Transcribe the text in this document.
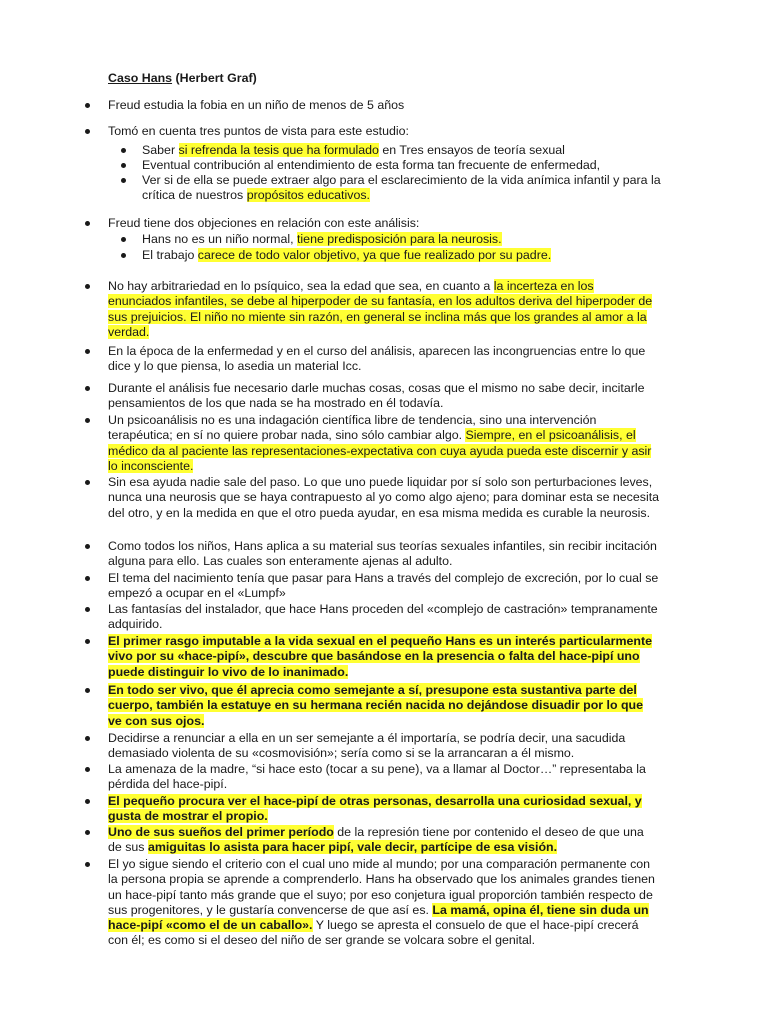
Caso Hans (Herbert Graf)
Freud estudia la fobia en un niño de menos de 5 años
Tomó en cuenta tres puntos de vista para este estudio:
Saber si refrenda la tesis que ha formulado en Tres ensayos de teoría sexual
Eventual contribución al entendimiento de esta forma tan frecuente de enfermedad,
Ver si de ella se puede extraer algo para el esclarecimiento de la vida anímica infantil y para la crítica de nuestros propósitos educativos.
Freud tiene dos objeciones en relación con este análisis:
Hans no es un niño normal, tiene predisposición para la neurosis.
El trabajo carece de todo valor objetivo, ya que fue realizado por su padre.
No hay arbitrariedad en lo psíquico, sea la edad que sea, en cuanto a la incerteza en los enunciados infantiles, se debe al hiperpoder de su fantasía, en los adultos deriva del hiperpoder de sus prejuicios. El niño no miente sin razón, en general se inclina más que los grandes al amor a la verdad.
En la época de la enfermedad y en el curso del análisis, aparecen las incongruencias entre lo que dice y lo que piensa, lo asedia un material Icc.
Durante el análisis fue necesario darle muchas cosas, cosas que el mismo no sabe decir, incitarle pensamientos de los que nada se ha mostrado en él todavía.
Un psicoanálisis no es una indagación científica libre de tendencia, sino una intervención terapéutica; en sí no quiere probar nada, sino sólo cambiar algo. Siempre, en el psicoanálisis, el médico da al paciente las representaciones-expectativa con cuya ayuda pueda este discernir y asir lo inconsciente.
Sin esa ayuda nadie sale del paso. Lo que uno puede liquidar por sí solo son perturbaciones leves, nunca una neurosis que se haya contrapuesto al yo como algo ajeno; para dominar esta se necesita del otro, y en la medida en que el otro pueda ayudar, en esa misma medida es curable la neurosis.
Como todos los niños, Hans aplica a su material sus teorías sexuales infantiles, sin recibir incitación alguna para ello. Las cuales son enteramente ajenas al adulto.
El tema del nacimiento tenía que pasar para Hans a través del complejo de excreción, por lo cual se empezó a ocupar en el «Lumpf»
Las fantasías del instalador, que hace Hans proceden del «complejo de castración» tempranamente adquirido.
El primer rasgo imputable a la vida sexual en el pequeño Hans es un interés particularmente vivo por su «hace-pipí», descubre que basándose en la presencia o falta del hace-pipí uno puede distinguir lo vivo de lo inanimado.
En todo ser vivo, que él aprecia como semejante a sí, presupone esta sustantiva parte del cuerpo, también la estatuye en su hermana recién nacida no dejándose disuadir por lo que ve con sus ojos.
Decidirse a renunciar a ella en un ser semejante a él importaría, se podría decir, una sacudida demasiado violenta de su «cosmovisión»; sería como si se la arrancaran a él mismo.
La amenaza de la madre, “si hace esto (tocar a su pene), va a llamar al Doctor…” representaba la pérdida del hace-pipí.
El pequeño procura ver el hace-pipí de otras personas, desarrolla una curiosidad sexual, y gusta de mostrar el propio.
Uno de sus sueños del primer período de la represión tiene por contenido el deseo de que una de sus amiguitas lo asista para hacer pipí, vale decir, partícipe de esa visión.
El yo sigue siendo el criterio con el cual uno mide al mundo; por una comparación permanente con la persona propia se aprende a comprenderlo. Hans ha observado que los animales grandes tienen un hace-pipí tanto más grande que el suyo; por eso conjetura igual proporción también respecto de sus progenitores, y le gustaría convencerse de que así es. La mamá, opina él, tiene sin duda un hace-pipí «como el de un caballo». Y luego se apresta el consuelo de que el hace-pipí crecerá con él; es como si el deseo del niño de ser grande se volcara sobre el genital.
